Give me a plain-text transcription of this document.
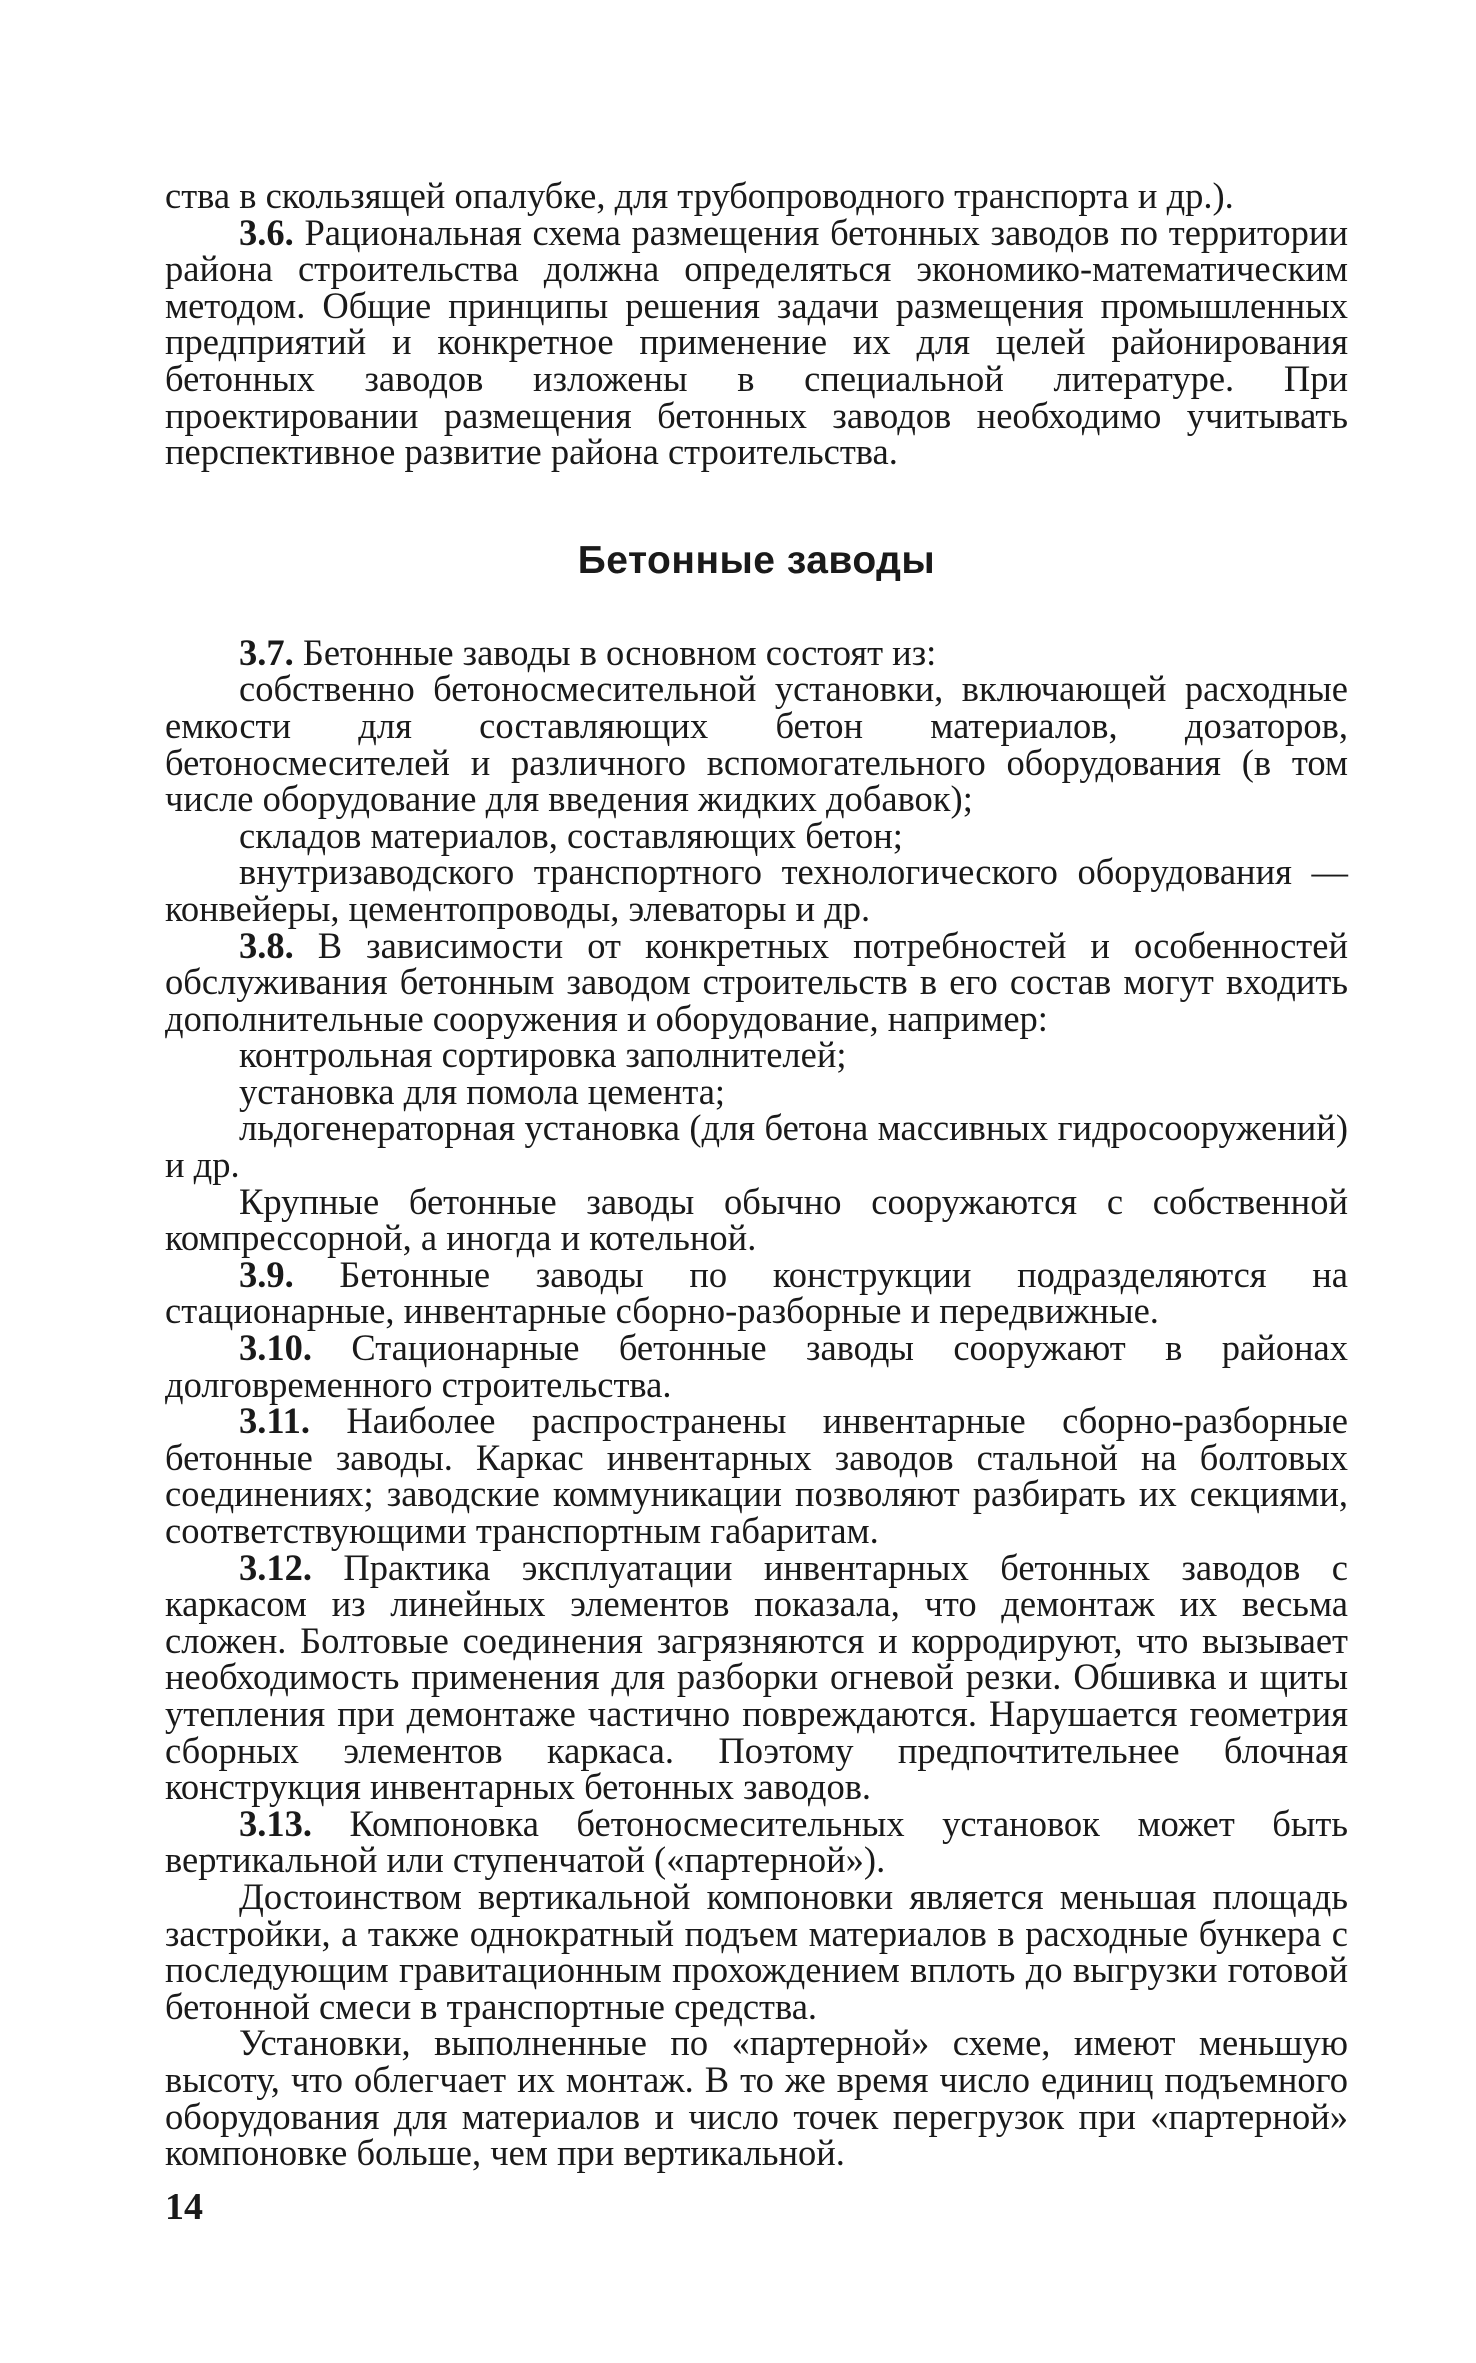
ства в скользящей опалубке, для трубопроводного транспорта и др.).

3.6. Рациональная схема размещения бетонных заводов по территории района строительства должна определяться экономико-математическим методом. Общие принципы решения задачи размещения промышленных предприятий и конкретное применение их для целей районирования бетонных заводов изложены в специальной литературе. При проектировании размещения бетонных заводов необходимо учитывать перспективное развитие района строительства.

Бетонные заводы

3.7. Бетонные заводы в основном состоят из:

собственно бетоносмесительной установки, включающей расходные емкости для составляющих бетон материалов, дозаторов, бетоносмесителей и различного вспомогательного оборудования (в том числе оборудование для введения жидких добавок);

складов материалов, составляющих бетон;

внутризаводского транспортного технологического оборудования — конвейеры, цементопроводы, элеваторы и др.

3.8. В зависимости от конкретных потребностей и особенностей обслуживания бетонным заводом строительств в его состав могут входить дополнительные сооружения и оборудование, например:

контрольная сортировка заполнителей;

установка для помола цемента;

льдогенераторная установка (для бетона массивных гидросооружений) и др.

Крупные бетонные заводы обычно сооружаются с собственной компрессорной, а иногда и котельной.

3.9. Бетонные заводы по конструкции подразделяются на стационарные, инвентарные сборно-разборные и передвижные.

3.10. Стационарные бетонные заводы сооружают в районах долговременного строительства.

3.11. Наиболее распространены инвентарные сборно-разборные бетонные заводы. Каркас инвентарных заводов стальной на болтовых соединениях; заводские коммуникации позволяют разбирать их секциями, соответствующими транспортным габаритам.

3.12. Практика эксплуатации инвентарных бетонных заводов с каркасом из линейных элементов показала, что демонтаж их весьма сложен. Болтовые соединения загрязняются и корродируют, что вызывает необходимость применения для разборки огневой резки. Обшивка и щиты утепления при демонтаже частично повреждаются. Нарушается геометрия сборных элементов каркаса. Поэтому предпочтительнее блочная конструкция инвентарных бетонных заводов.

3.13. Компоновка бетоносмесительных установок может быть вертикальной или ступенчатой («партерной»).

Достоинством вертикальной компоновки является меньшая площадь застройки, а также однократный подъем материалов в расходные бункера с последующим гравитационным прохождением вплоть до выгрузки готовой бетонной смеси в транспортные средства.

Установки, выполненные по «партерной» схеме, имеют меньшую высоту, что облегчает их монтаж. В то же время число единиц подъемного оборудования для материалов и число точек перегрузок при «партерной» компоновке больше, чем при вертикальной.

14
